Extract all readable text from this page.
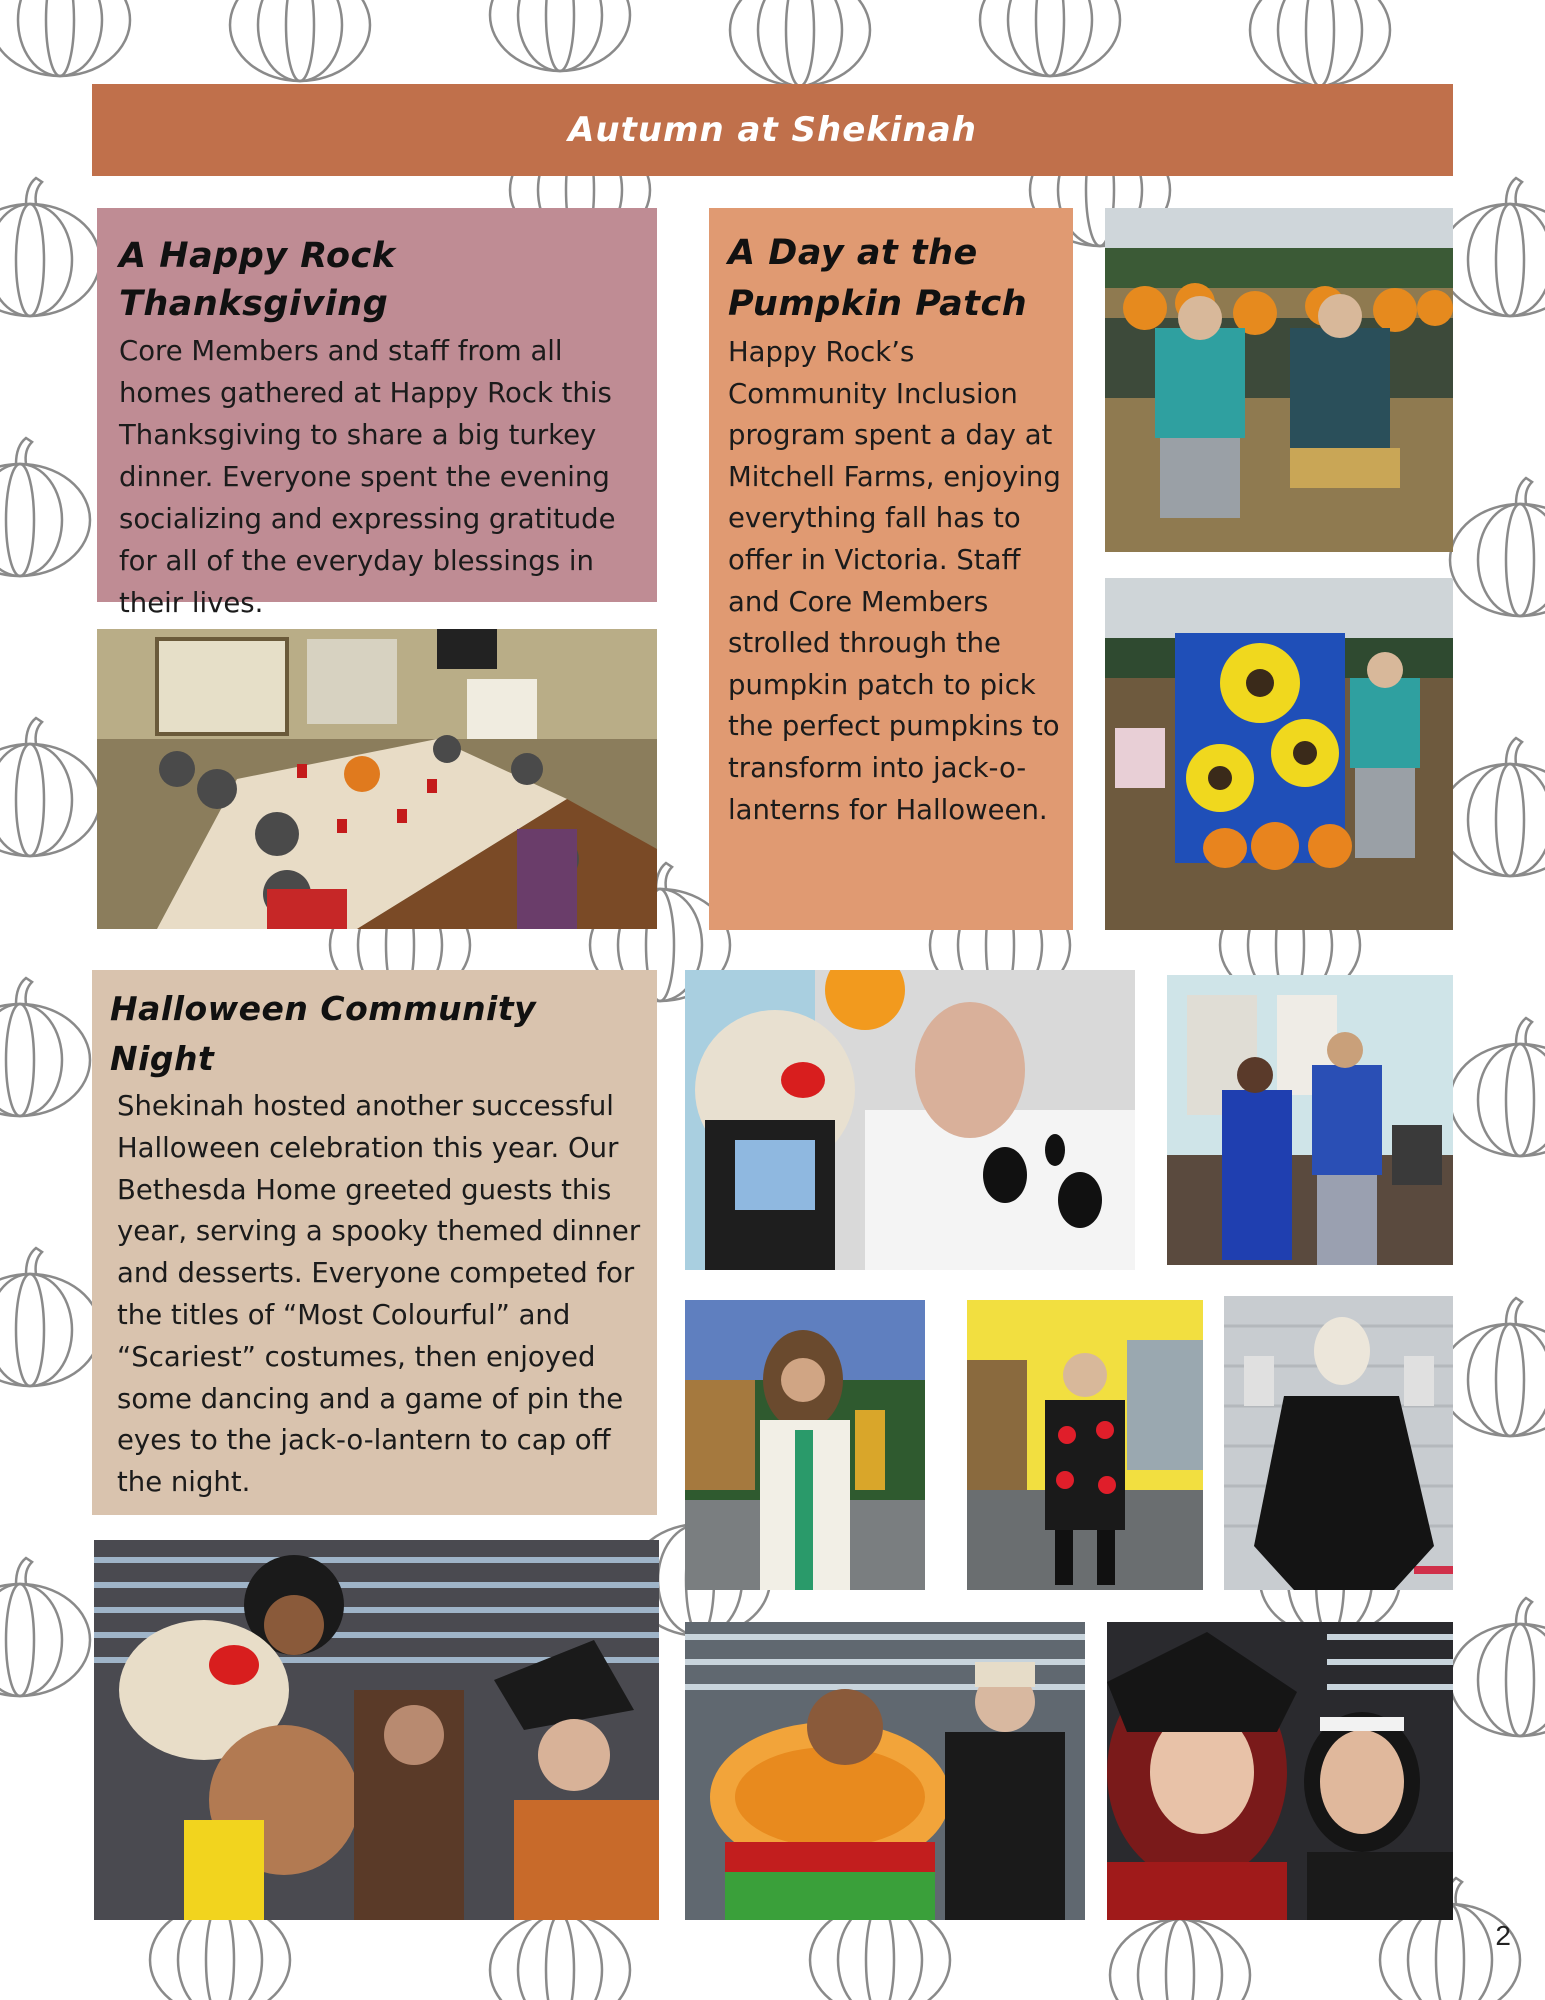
Autumn at Shekinah
A Happy Rock Thanksgiving

Core Members and staff from all homes gathered at Happy Rock this Thanksgiving to share a big turkey dinner. Everyone spent the evening socializing and expressing gratitude for all of the everyday blessings in their lives.

A Day at the Pumpkin Patch

Happy Rock’s Community Inclusion program spent a day at Mitchell Farms, enjoying everything fall has to offer in Victoria. Staff and Core Members strolled through the pumpkin patch to pick the perfect pumpkins to transform into jack-o-lanterns for Halloween.

Halloween Community Night

Shekinah hosted another successful Halloween celebration this year. Our Bethesda Home greeted guests this year, serving a spooky themed dinner and desserts. Everyone competed for the titles of “Most Colourful” and “Scariest” costumes, then enjoyed some dancing and a game of pin the eyes to the jack-o-lantern to cap off the night.

2
